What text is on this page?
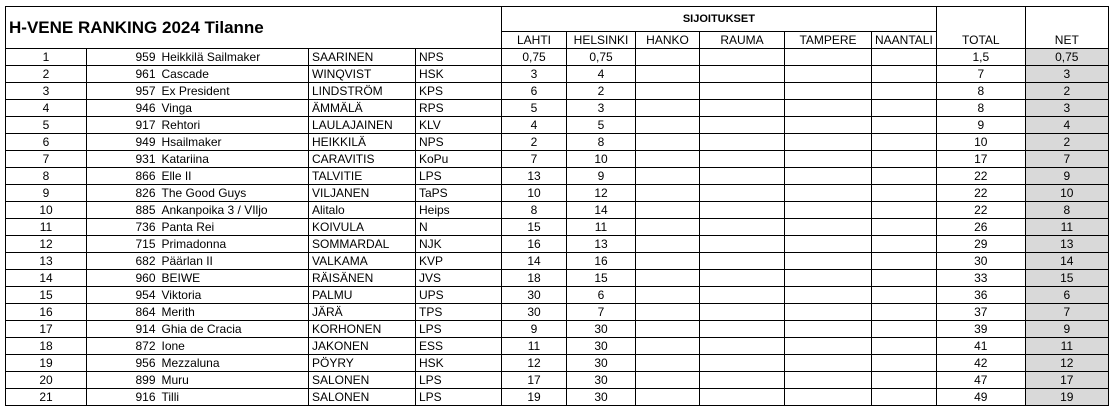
H-VENE RANKING 2024 Tilanne					SIJOITUKSET							
					LAHTI	HELSINKI	HANKO	RAUMA	TAMPERE	NAANTALI	TOTAL	NET
1	959	Heikkilä Sailmaker	SAARINEN	NPS	0,75	0,75					1,5	0,75
2	961	Cascade	WINQVIST	HSK	3	4					7	3
3	957	Ex President	LINDSTRÖM	KPS	6	2					8	2
4	946	Vinga	ÄMMÄLÄ	RPS	5	3					8	3
5	917	Rehtori	LAULAJAINEN	KLV	4	5					9	4
6	949	Hsailmaker	HEIKKILÄ	NPS	2	8					10	2
7	931	Katariina	CARAVITIS	KoPu	7	10					17	7
8	866	Elle II	TALVITIE	LPS	13	9					22	9
9	826	The Good Guys	VILJANEN	TaPS	10	12					22	10
10	885	Ankanpoika 3 / VIljo	Alitalo	Heips	8	14					22	8
11	736	Panta Rei	KOIVULA	N	15	11					26	11
12	715	Primadonna	SOMMARDAL	NJK	16	13					29	13
13	682	Päärlan II	VALKAMA	KVP	14	16					30	14
14	960	BEIWE	RÄISÄNEN	JVS	18	15					33	15
15	954	Viktoria	PALMU	UPS	30	6					36	6
16	864	Merith	JÄRÄ	TPS	30	7					37	7
17	914	Ghia de Cracia	KORHONEN	LPS	9	30					39	9
18	872	Ione	JAKONEN	ESS	11	30					41	11
19	956	Mezzaluna	PÖYRY	HSK	12	30					42	12
20	899	Muru	SALONEN	LPS	17	30					47	17
21	916	Tilli	SALONEN	LPS	19	30					49	19
